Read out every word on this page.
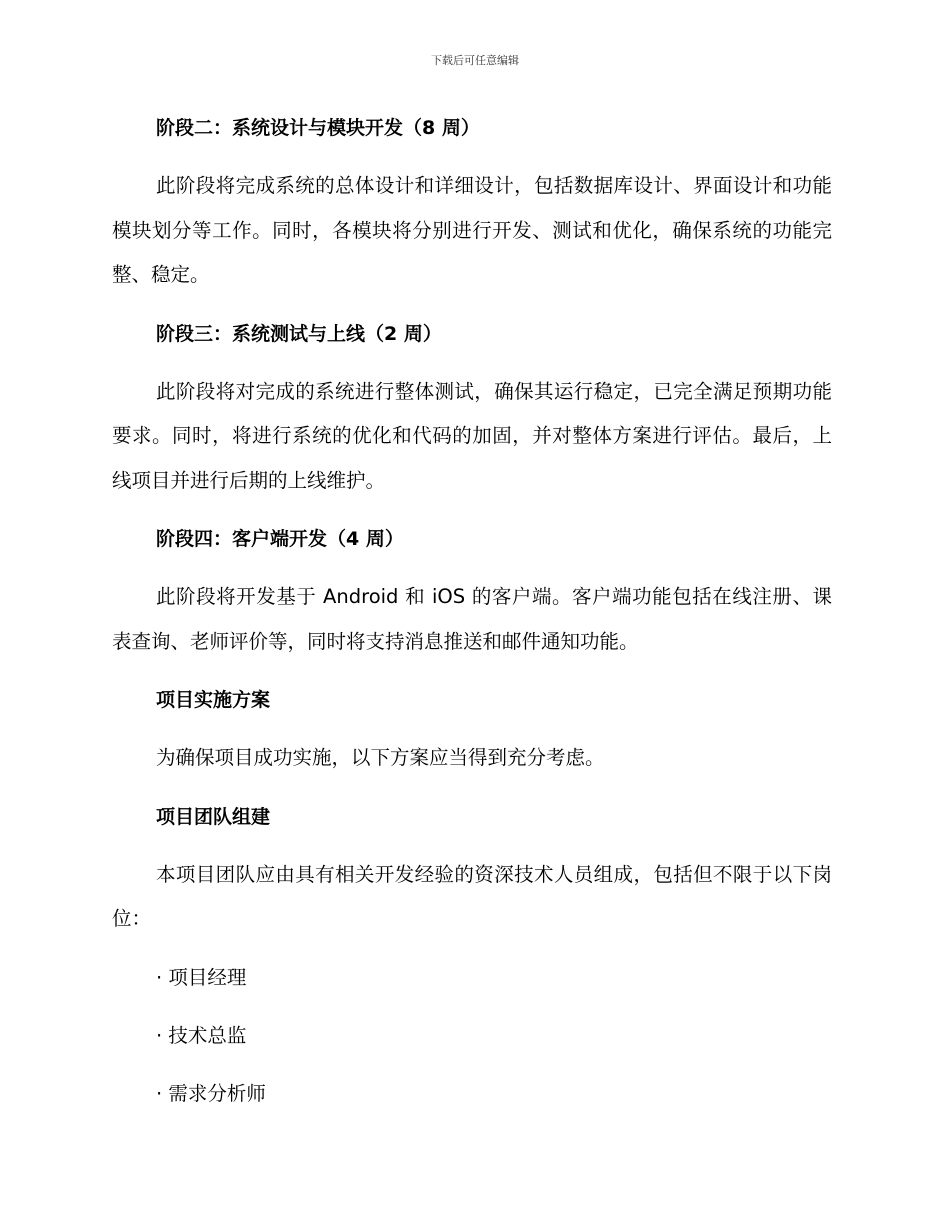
下载后可任意编辑
阶段二：系统设计与模块开发（8 周）
此阶段将完成系统的总体设计和详细设计，包括数据库设计、界面设计和功能模块划分等工作。同时，各模块将分别进行开发、测试和优化，确保系统的功能完整、稳定。
阶段三：系统测试与上线（2 周）
此阶段将对完成的系统进行整体测试，确保其运行稳定，已完全满足预期功能要求。同时，将进行系统的优化和代码的加固，并对整体方案进行评估。最后，上线项目并进行后期的上线维护。
阶段四：客户端开发（4 周）
此阶段将开发基于 Android 和 iOS 的客户端。客户端功能包括在线注册、课表查询、老师评价等，同时将支持消息推送和邮件通知功能。
项目实施方案
为确保项目成功实施，以下方案应当得到充分考虑。
项目团队组建
本项目团队应由具有相关开发经验的资深技术人员组成，包括但不限于以下岗位：
· 项目经理
· 技术总监
· 需求分析师
